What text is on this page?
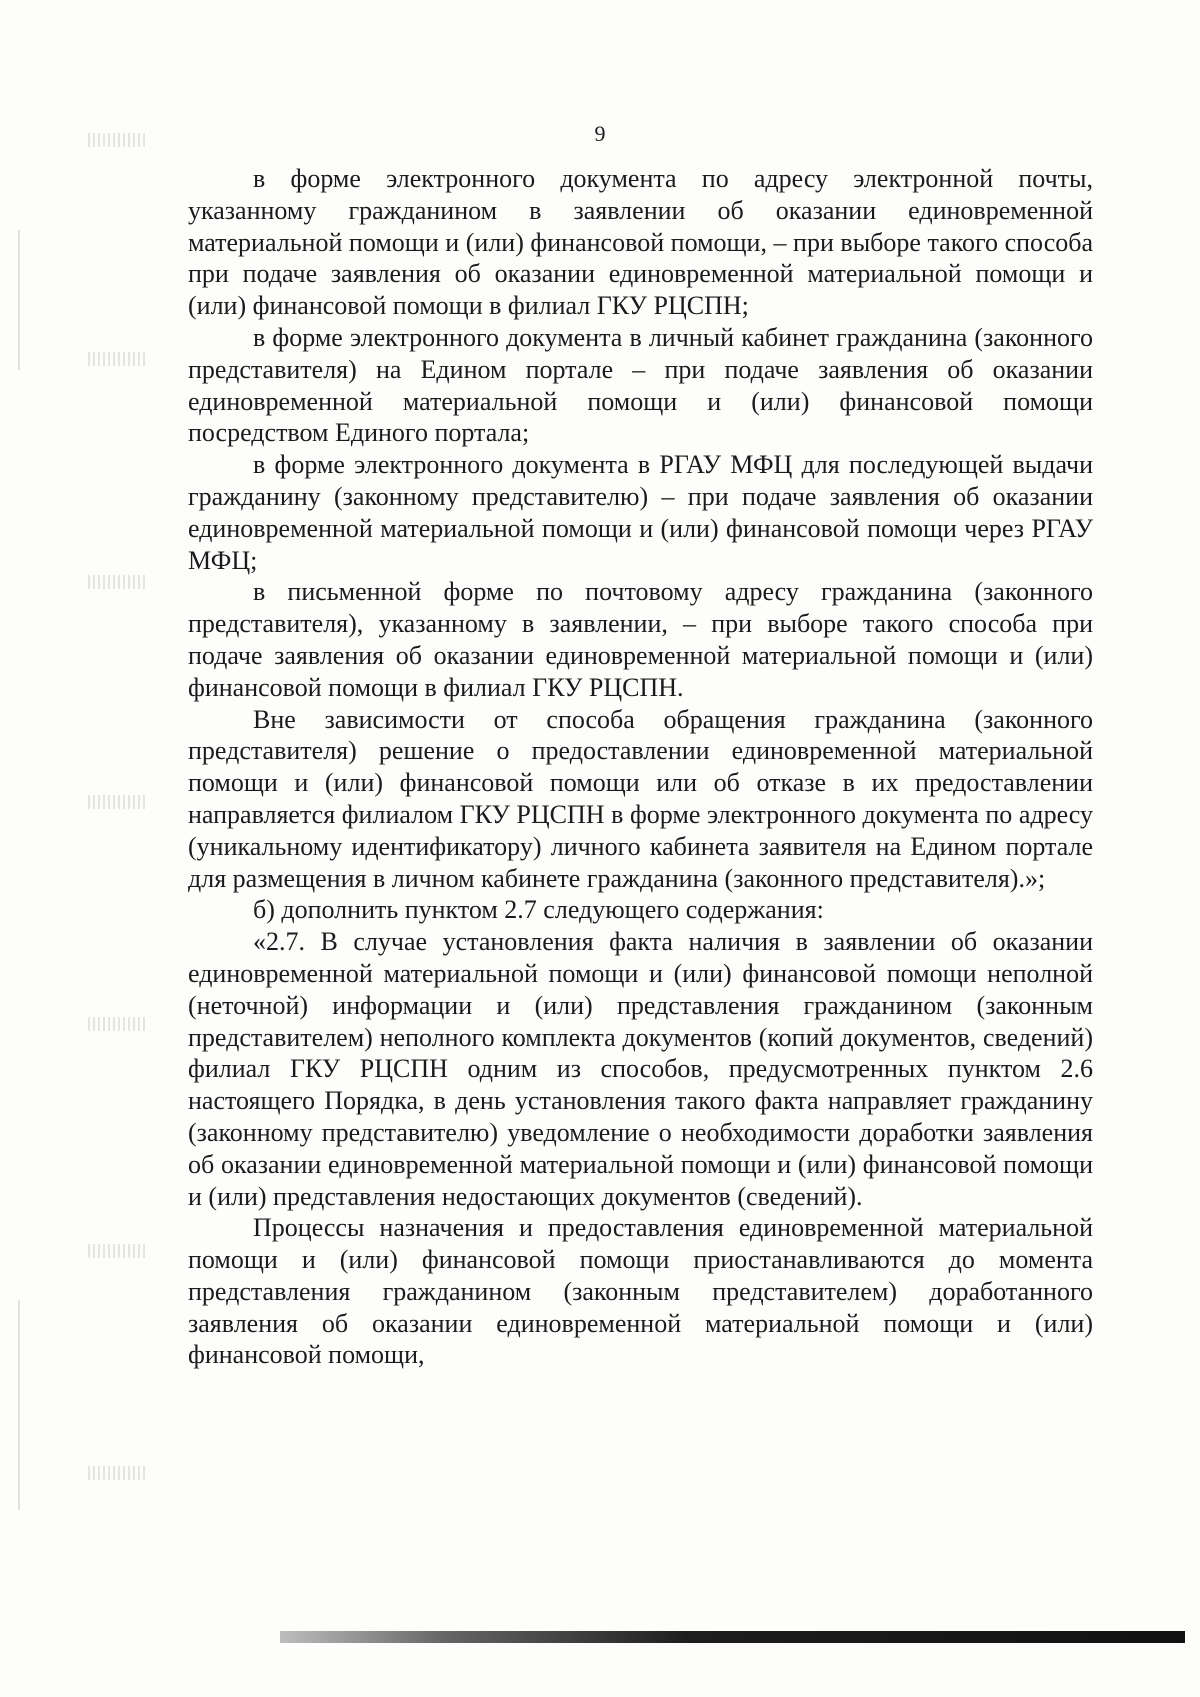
9

в форме электронного документа по адресу электронной почты, указанному гражданином в заявлении об оказании единовременной материальной помощи и (или) финансовой помощи, – при выборе такого способа при подаче заявления об оказании единовременной материальной помощи и (или) финансовой помощи в филиал ГКУ РЦСПН;

в форме электронного документа в личный кабинет гражданина (законного представителя) на Едином портале – при подаче заявления об оказании единовременной материальной помощи и (или) финансовой помощи посредством Единого портала;

в форме электронного документа в РГАУ МФЦ для последующей выдачи гражданину (законному представителю) – при подаче заявления об оказании единовременной материальной помощи и (или) финансовой помощи через РГАУ МФЦ;

в письменной форме по почтовому адресу гражданина (законного представителя), указанному в заявлении, – при выборе такого способа при подаче заявления об оказании единовременной материальной помощи и (или) финансовой помощи в филиал ГКУ РЦСПН.

Вне зависимости от способа обращения гражданина (законного представителя) решение о предоставлении единовременной материальной помощи и (или) финансовой помощи или об отказе в их предоставлении направляется филиалом ГКУ РЦСПН в форме электронного документа по адресу (уникальному идентификатору) личного кабинета заявителя на Едином портале для размещения в личном кабинете гражданина (законного представителя).»;

б) дополнить пунктом 2.7 следующего содержания:

«2.7. В случае установления факта наличия в заявлении об оказании единовременной материальной помощи и (или) финансовой помощи неполной (неточной) информации и (или) представления гражданином (законным представителем) неполного комплекта документов (копий документов, сведений) филиал ГКУ РЦСПН одним из способов, предусмотренных пунктом 2.6 настоящего Порядка, в день установления такого факта направляет гражданину (законному представителю) уведомление о необходимости доработки заявления об оказании единовременной материальной помощи и (или) финансовой помощи и (или) представления недостающих документов (сведений).

Процессы назначения и предоставления единовременной материальной помощи и (или) финансовой помощи приостанавливаются до момента представления гражданином (законным представителем) доработанного заявления об оказании единовременной материальной помощи и (или) финансовой помощи,
